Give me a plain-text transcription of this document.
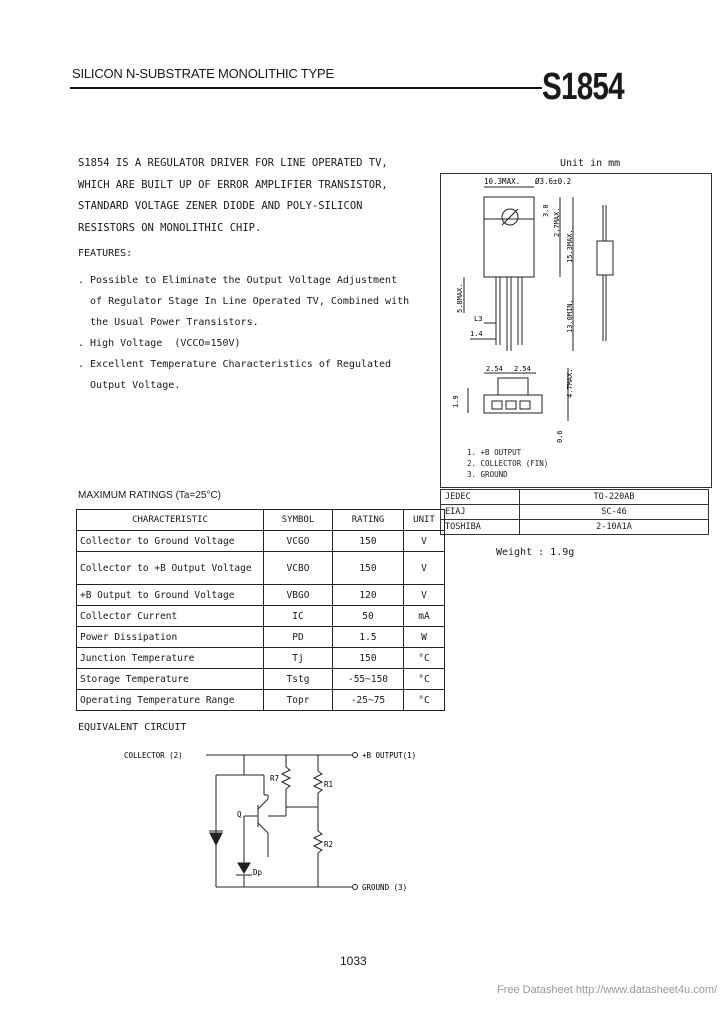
SILICON N-SUBSTRATE MONOLITHIC TYPE	S1854
S1854 IS A REGULATOR DRIVER FOR LINE OPERATED TV,
WHICH ARE BUILT UP OF ERROR AMPLIFIER TRANSISTOR,
STANDARD VOLTAGE ZENER DIODE AND POLY-SILICON
RESISTORS ON MONOLITHIC CHIP.
FEATURES:
. Possible to Eliminate the Output Voltage Adjustment
of Regulator Stage In Line Operated TV, Combined with
the Usual Power Transistors.
. High Voltage  (VCCO=150V)
. Excellent Temperature Characteristics of Regulated
Output Voltage.
Unit in mm
10.3MAX. Ø3.6±0.2
3.0 2.7MAX.
15.3MAX.
5.8MAX.
13.0MIN.
L3
1.4
2.54 2.54	4.7MAX.
1.9
0.6
1. +B OUTPUT
2. COLLECTOR (FIN)
3. GROUND
JEDEC	TO-220AB
EIAJ	SC-46
TOSHIBA	2-10A1A
Weight : 1.9g
MAXIMUM RATINGS (Ta=25°C)
CHARACTERISTIC	SYMBOL	RATING	UNIT
Collector to Ground Voltage	VCGO	150	V
Collector to +B Output Voltage	VCBO	150	V
+B Output to Ground Voltage	VBGO	120	V
Collector Current	IC	50	mA
Power Dissipation	PD	1.5	W
Junction Temperature	Tj	150	°C
Storage Temperature	Tstg	-55~150	°C
Operating Temperature Range	Topr	-25~75	°C
EQUIVALENT CIRCUIT
COLLECTOR (2)	+B OUTPUT(1)
GROUND (3)
R7
R1
R2
Q
Dp
1033
Free Datasheet http://www.datasheet4u.com/
